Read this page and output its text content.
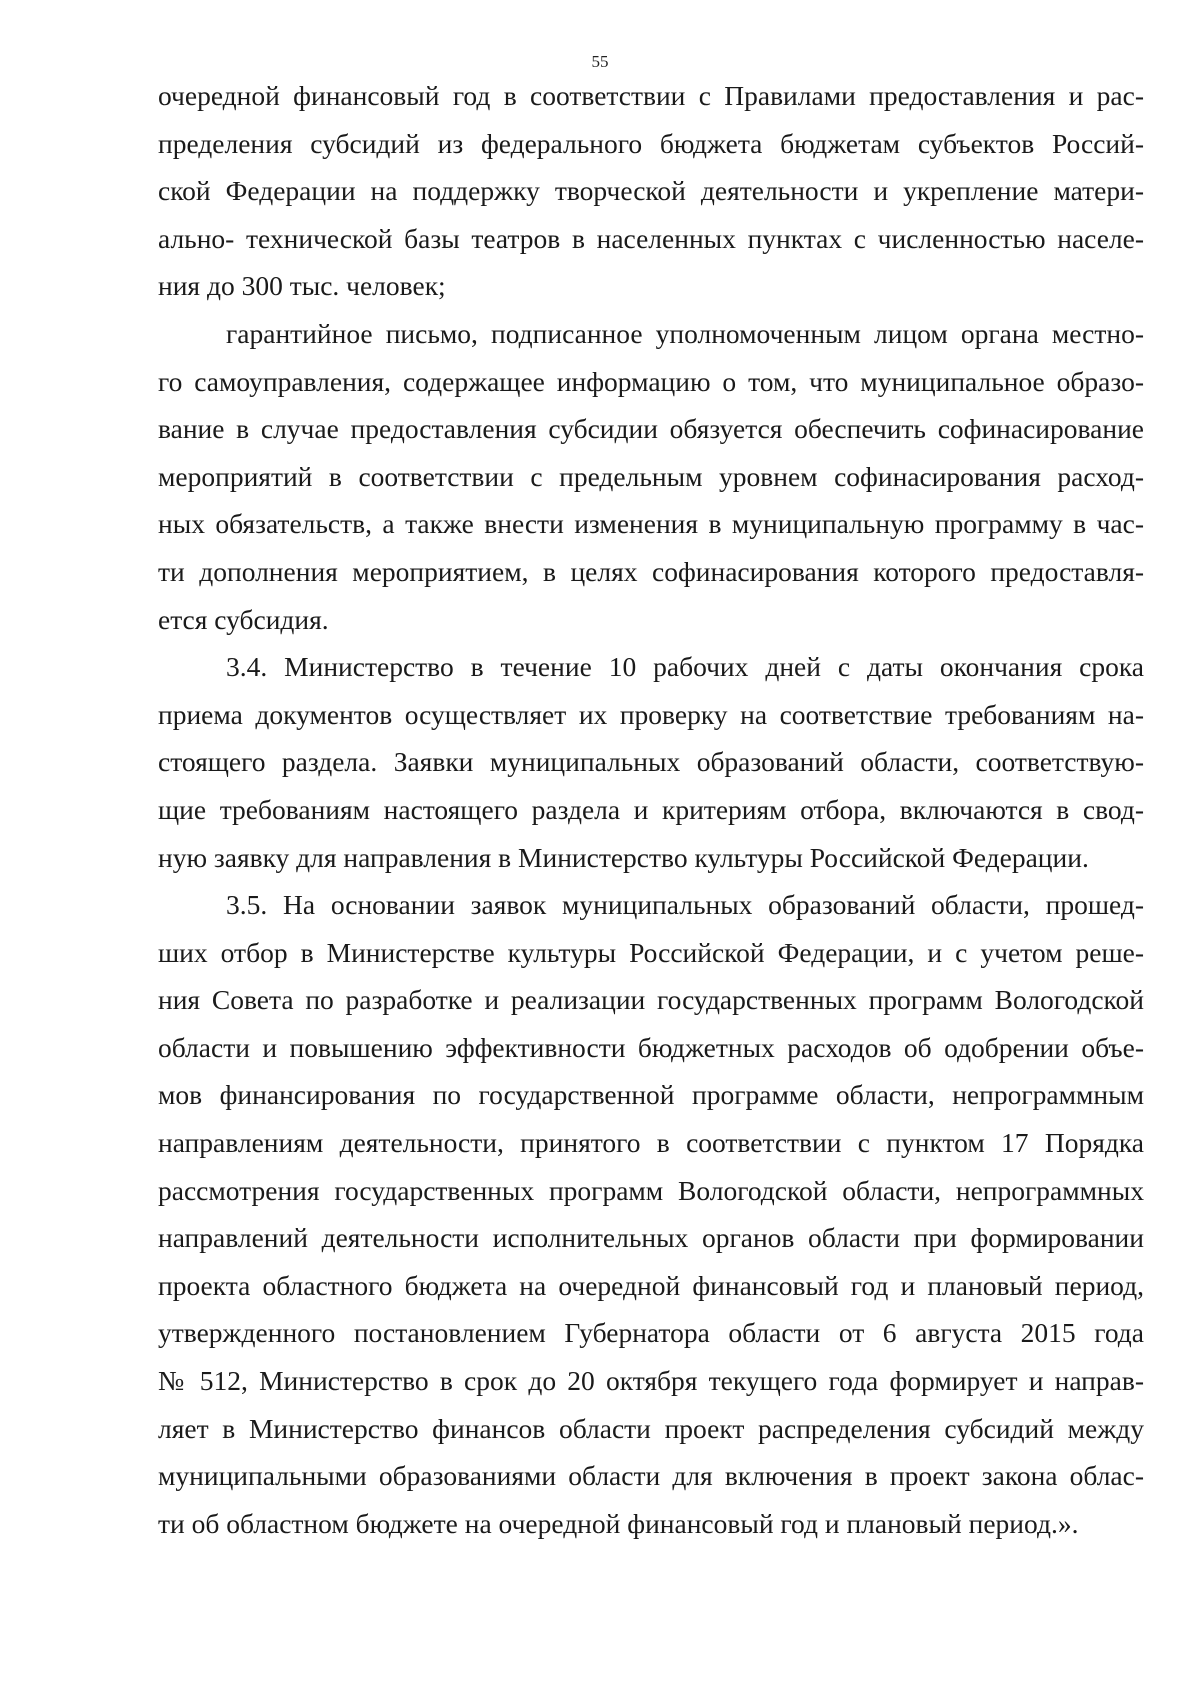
55
очередной финансовый год в соответствии с Правилами предоставления и рас-
пределения субсидий из федерального бюджета бюджетам субъектов Россий-
ской Федерации на поддержку творческой деятельности и укрепление матери-
ально- технической базы театров в населенных пунктах с численностью населе-
ния до 300 тыс. человек;
гарантийное письмо, подписанное уполномоченным лицом органа местно-
го самоуправления, содержащее информацию о том, что муниципальное образо-
вание в случае предоставления субсидии обязуется обеспечить софинасирование
мероприятий в соответствии с предельным уровнем софинасирования расход-
ных обязательств, а также внести изменения в муниципальную программу в час-
ти дополнения мероприятием, в целях софинасирования которого предоставля-
ется субсидия.
3.4. Министерство в течение 10 рабочих дней с даты окончания срока
приема документов осуществляет их проверку на соответствие требованиям на-
стоящего раздела. Заявки муниципальных образований области, соответствую-
щие требованиям настоящего раздела и критериям отбора, включаются в свод-
ную заявку для направления в Министерство культуры Российской Федерации.
3.5. На основании заявок муниципальных образований области, прошед-
ших отбор в Министерстве культуры Российской Федерации, и с учетом реше-
ния Совета по разработке и реализации государственных программ Вологодской
области и повышению эффективности бюджетных расходов об одобрении объе-
мов финансирования по государственной программе области, непрограммным
направлениям деятельности, принятого в соответствии с пунктом 17 Порядка
рассмотрения государственных программ Вологодской области, непрограммных
направлений деятельности исполнительных органов области при формировании
проекта областного бюджета на очередной финансовый год и плановый период,
утвержденного постановлением Губернатора области от 6 августа 2015 года
№ 512, Министерство в срок до 20 октября текущего года формирует и направ-
ляет в Министерство финансов области проект распределения субсидий между
муниципальными образованиями области для включения в проект закона облас-
ти об областном бюджете на очередной финансовый год и плановый период.».
